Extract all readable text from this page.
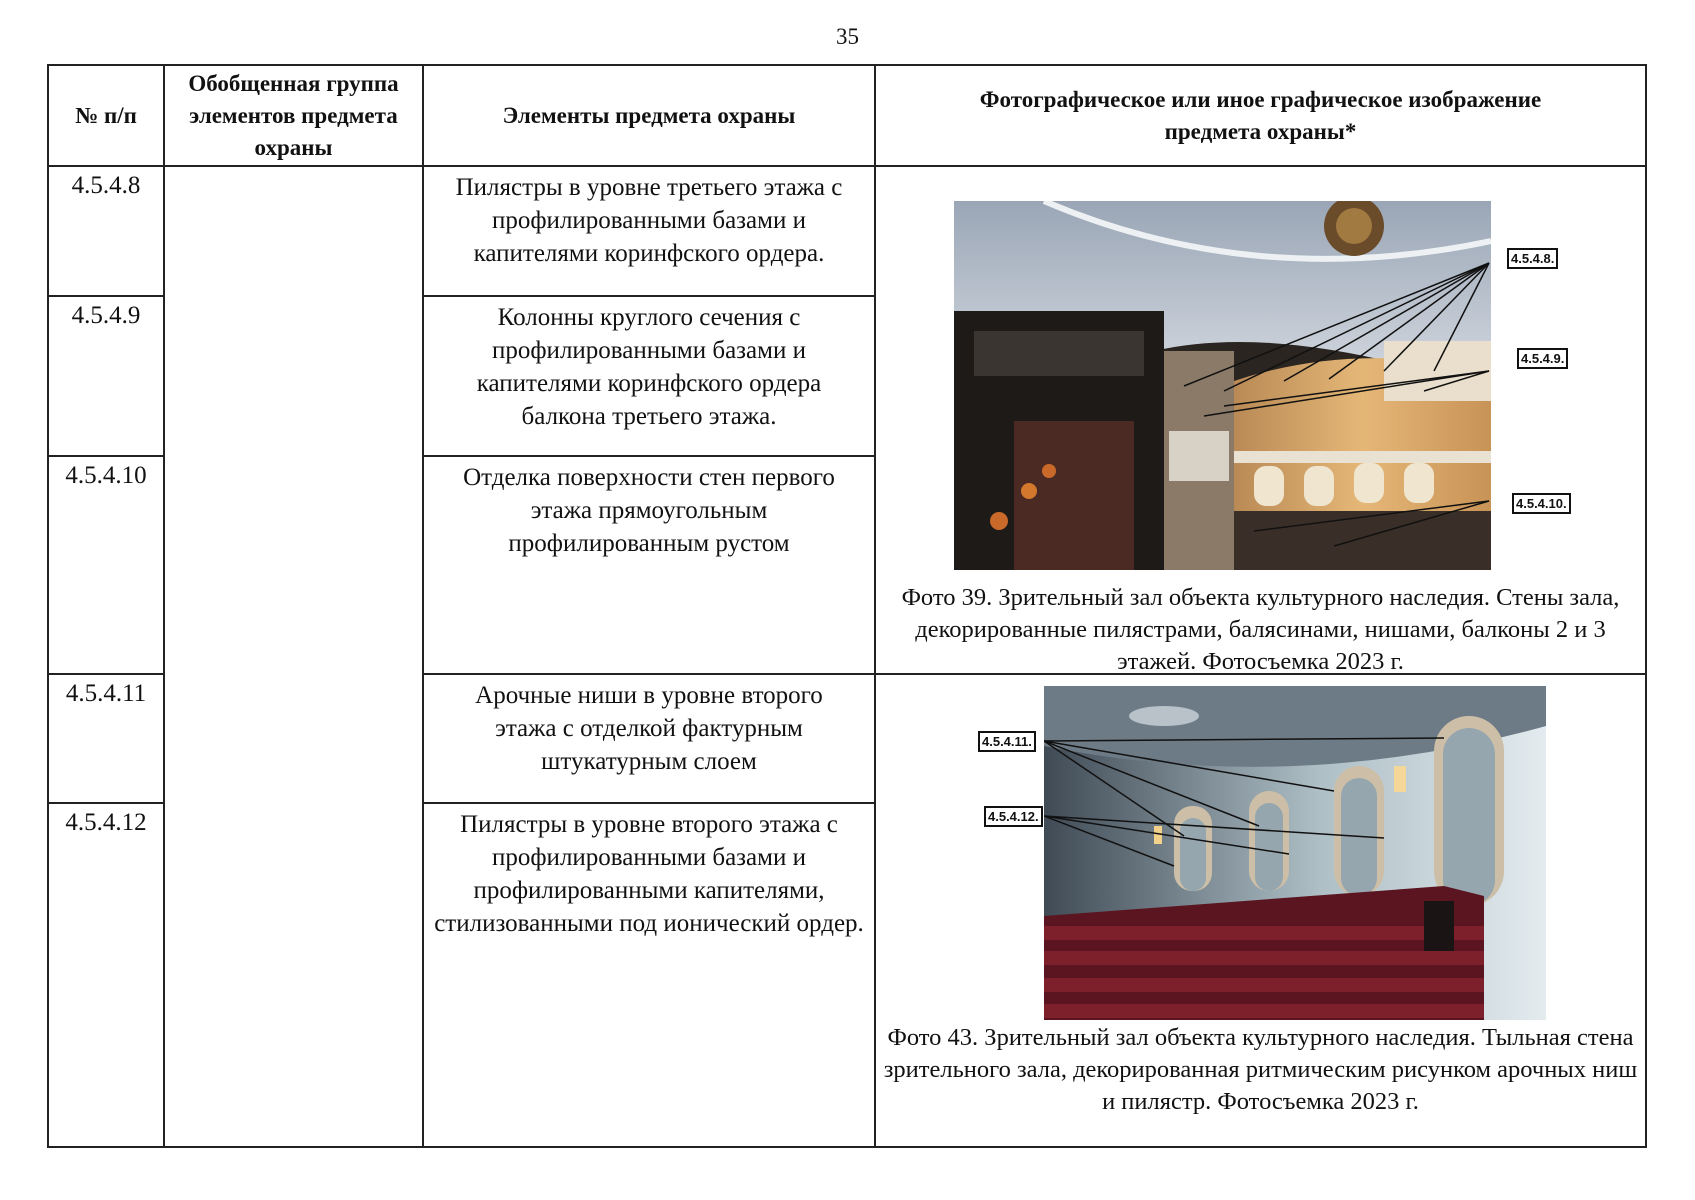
35
№ п/п
Обобщенная группа элементов предмета охраны
Элементы предмета охраны
Фотографическое или иное графическое изображение предмета охраны*
4.5.4.8
4.5.4.9
4.5.4.10
4.5.4.11
4.5.4.12
Пилястры в уровне третьего этажа с профилированными базами и капителями коринфского ордера.
Колонны круглого сечения с профилированными базами и капителями коринфского ордера балкона третьего этажа.
Отделка поверхности стен первого этажа прямоугольным профилированным рустом
Арочные ниши в уровне второго этажа с отделкой фактурным штукатурным слоем
Пилястры в уровне второго этажа с профилированными базами и профилированными капителями, стилизованными под ионический ордер.
4.5.4.8.
4.5.4.9.
4.5.4.10.
Фото 39. Зрительный зал объекта культурного наследия. Стены зала, декорированные пилястрами, балясинами, нишами, балконы 2 и 3 этажей. Фотосъемка 2023 г.
4.5.4.11.
4.5.4.12.
Фото 43. Зрительный зал объекта культурного наследия. Тыльная стена зрительного зала, декорированная ритмическим рисунком арочных ниш и пилястр. Фотосъемка 2023 г.
